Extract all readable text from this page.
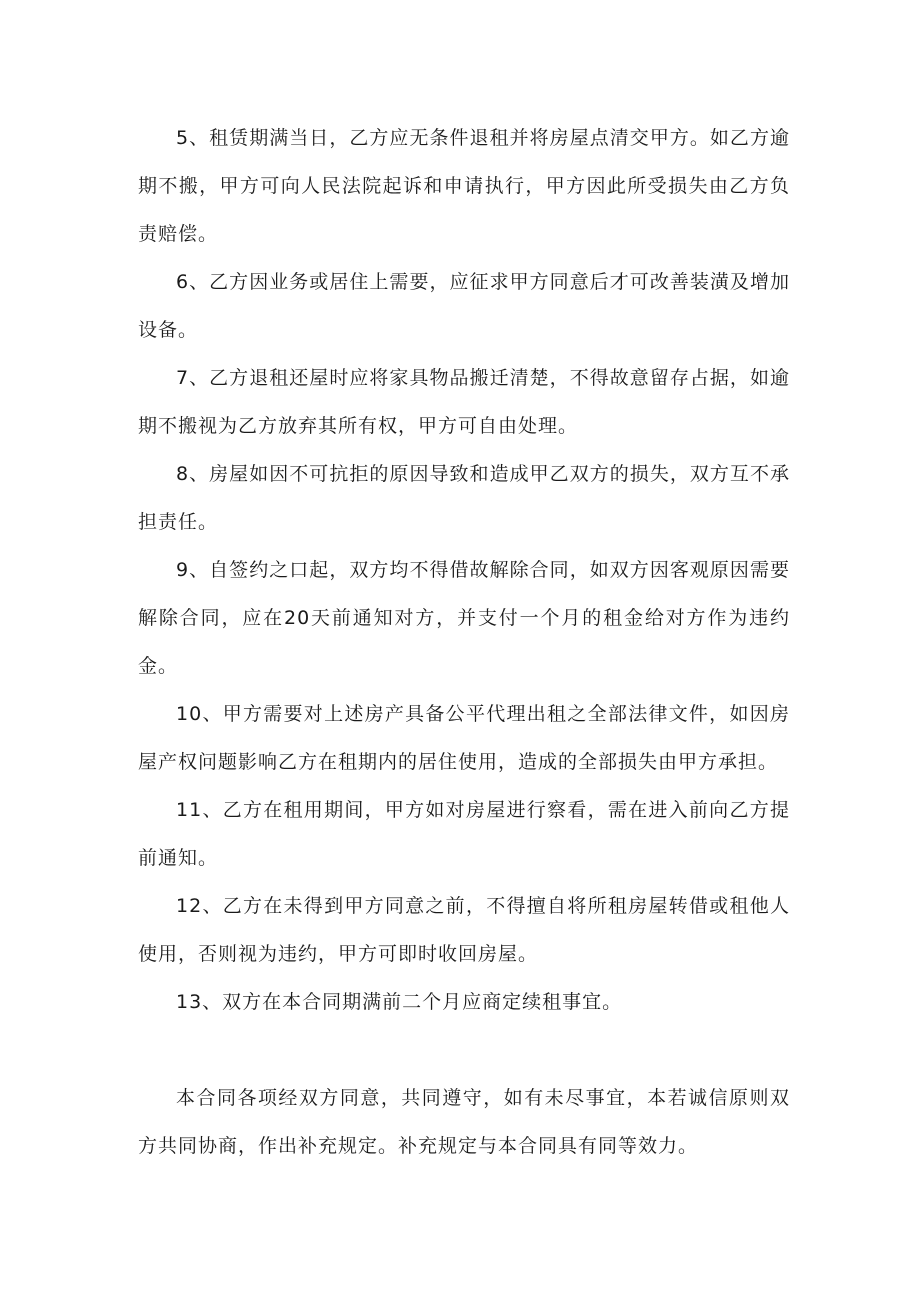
5、租赁期满当日，乙方应无条件退租并将房屋点清交甲方。如乙方逾期不搬，甲方可向人民法院起诉和申请执行，甲方因此所受损失由乙方负责赔偿。

6、乙方因业务或居住上需要，应征求甲方同意后才可改善装潢及增加设备。

7、乙方退租还屋时应将家具物品搬迁清楚，不得故意留存占据，如逾期不搬视为乙方放弃其所有权，甲方可自由处理。

8、房屋如因不可抗拒的原因导致和造成甲乙双方的损失，双方互不承担责任。

9、自签约之口起，双方均不得借故解除合同，如双方因客观原因需要解除合同，应在20天前通知对方，并支付一个月的租金给对方作为违约金。

10、甲方需要对上述房产具备公平代理出租之全部法律文件，如因房屋产权问题影响乙方在租期内的居住使用，造成的全部损失由甲方承担。

11、乙方在租用期间，甲方如对房屋进行察看，需在进入前向乙方提前通知。

12、乙方在未得到甲方同意之前，不得擅自将所租房屋转借或租他人使用，否则视为违约，甲方可即时收回房屋。

13、双方在本合同期满前二个月应商定续租事宜。

本合同各项经双方同意，共同遵守，如有未尽事宜，本若诚信原则双方共同协商，作出补充规定。补充规定与本合同具有同等效力。
